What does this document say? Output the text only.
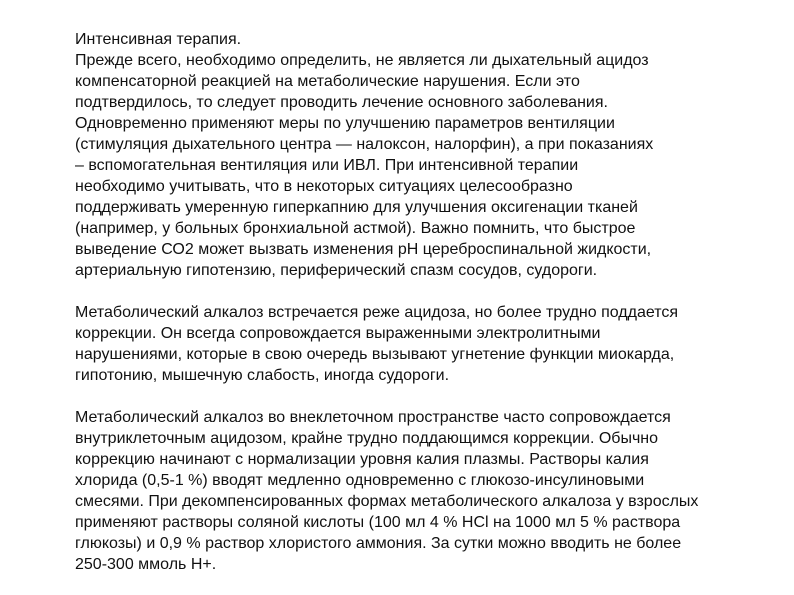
Интенсивная терапия.
Прежде всего, необходимо определить, не является ли дыхательный ацидоз
компенсаторной реакцией на метаболические нарушения. Если это
подтвердилось, то следует проводить лечение основного заболевания.
Одновременно применяют меры по улучшению параметров вентиляции
(стимуляция дыхательного центра — налоксон, налорфин), а при показаниях
– вспомогательная вентиляция или ИВЛ. При интенсивной терапии
необходимо учитывать, что в некоторых ситуациях целесообразно
поддерживать умеренную гиперкапнию для улучшения оксигенации тканей
(например, у больных бронхиальной астмой). Важно помнить, что быстрое
выведение СО2 может вызвать изменения рН цереброспинальной жидкости,
артериальную гипотензию, периферический спазм сосудов, судороги.
Метаболический алкалоз встречается реже ацидоза, но более трудно поддается
коррекции. Он всегда сопровождается выраженными электролитными
нарушениями, которые в свою очередь вызывают угнетение функции миокарда,
гипотонию, мышечную слабость, иногда судороги.
Метаболический алкалоз во внеклеточном пространстве часто сопровождается
внутриклеточным ацидозом, крайне трудно поддающимся коррекции. Обычно
коррекцию начинают с нормализации уровня калия плазмы. Растворы калия
хлорида (0,5-1 %) вводят медленно одновременно с глюкозо-инсулиновыми
смесями. При декомпенсированных формах метаболического алкалоза у взрослых
применяют растворы соляной кислоты (100 мл 4 % HCl на 1000 мл 5 % раствора
глюкозы) и 0,9 % раствор хлористого аммония. За сутки можно вводить не более
250-300 ммоль Н+.
